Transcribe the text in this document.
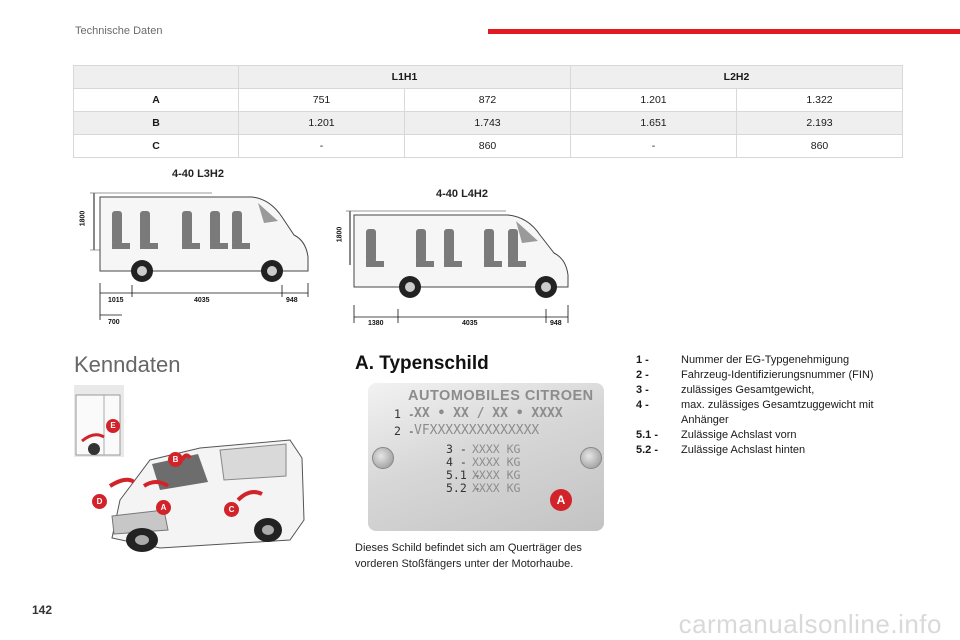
Technische Daten
	L1H1		L2H2	
A	751	872	1.201	1.322
B	1.201	1.743	1.651	2.193
C	-	860	-	860
4-40 L3H2
1800
1015	4035	948
700
4-40 L4H2
1800
1380	4035	948
Kenndaten
E
B
D
A	C
A. Typenschild
AUTOMOBILES CITROEN
1 - XX • XX / XX • XXXX
2 - VFXXXXXXXXXXXXXX
3 - XXXX KG
4 - XXXX KG
5.1 -
XXXX KG
5.2 -
XXXX KG
A
Dieses Schild befindet sich am Querträger des vorderen Stoßfängers unter der Motorhaube.
1 -	Nummer der EG-Typgenehmigung
2 -	Fahrzeug-Identifizierungsnummer (FIN)
3 -	zulässiges Gesamtgewicht,
4 -	max. zulässiges Gesamtzuggewicht mit Anhänger
5.1 -	Zulässige Achslast vorn
5.2 -	Zulässige Achslast hinten
142	carmanualsonline.info
